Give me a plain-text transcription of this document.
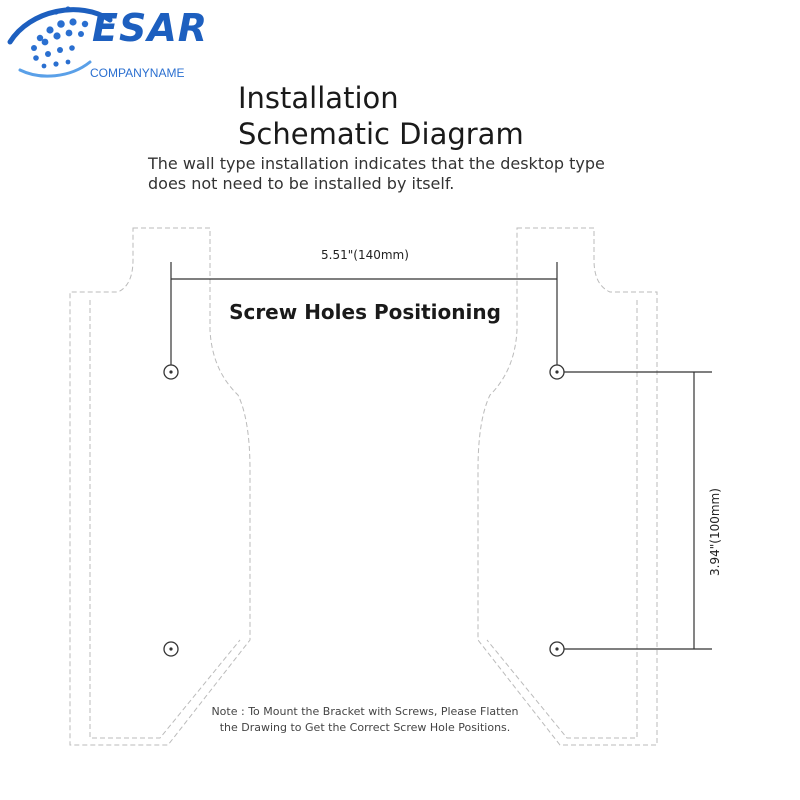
ESAR
COMPANYNAME
Installation
Schematic Diagram

The wall type installation indicates that the desktop type
does not need to be installed by itself.

5.51"(140mm)
3.94"(100mm)
Screw Holes Positioning
Note : To Mount the Bracket with Screws, Please Flatten
the Drawing to Get the Correct Screw Hole Positions.
